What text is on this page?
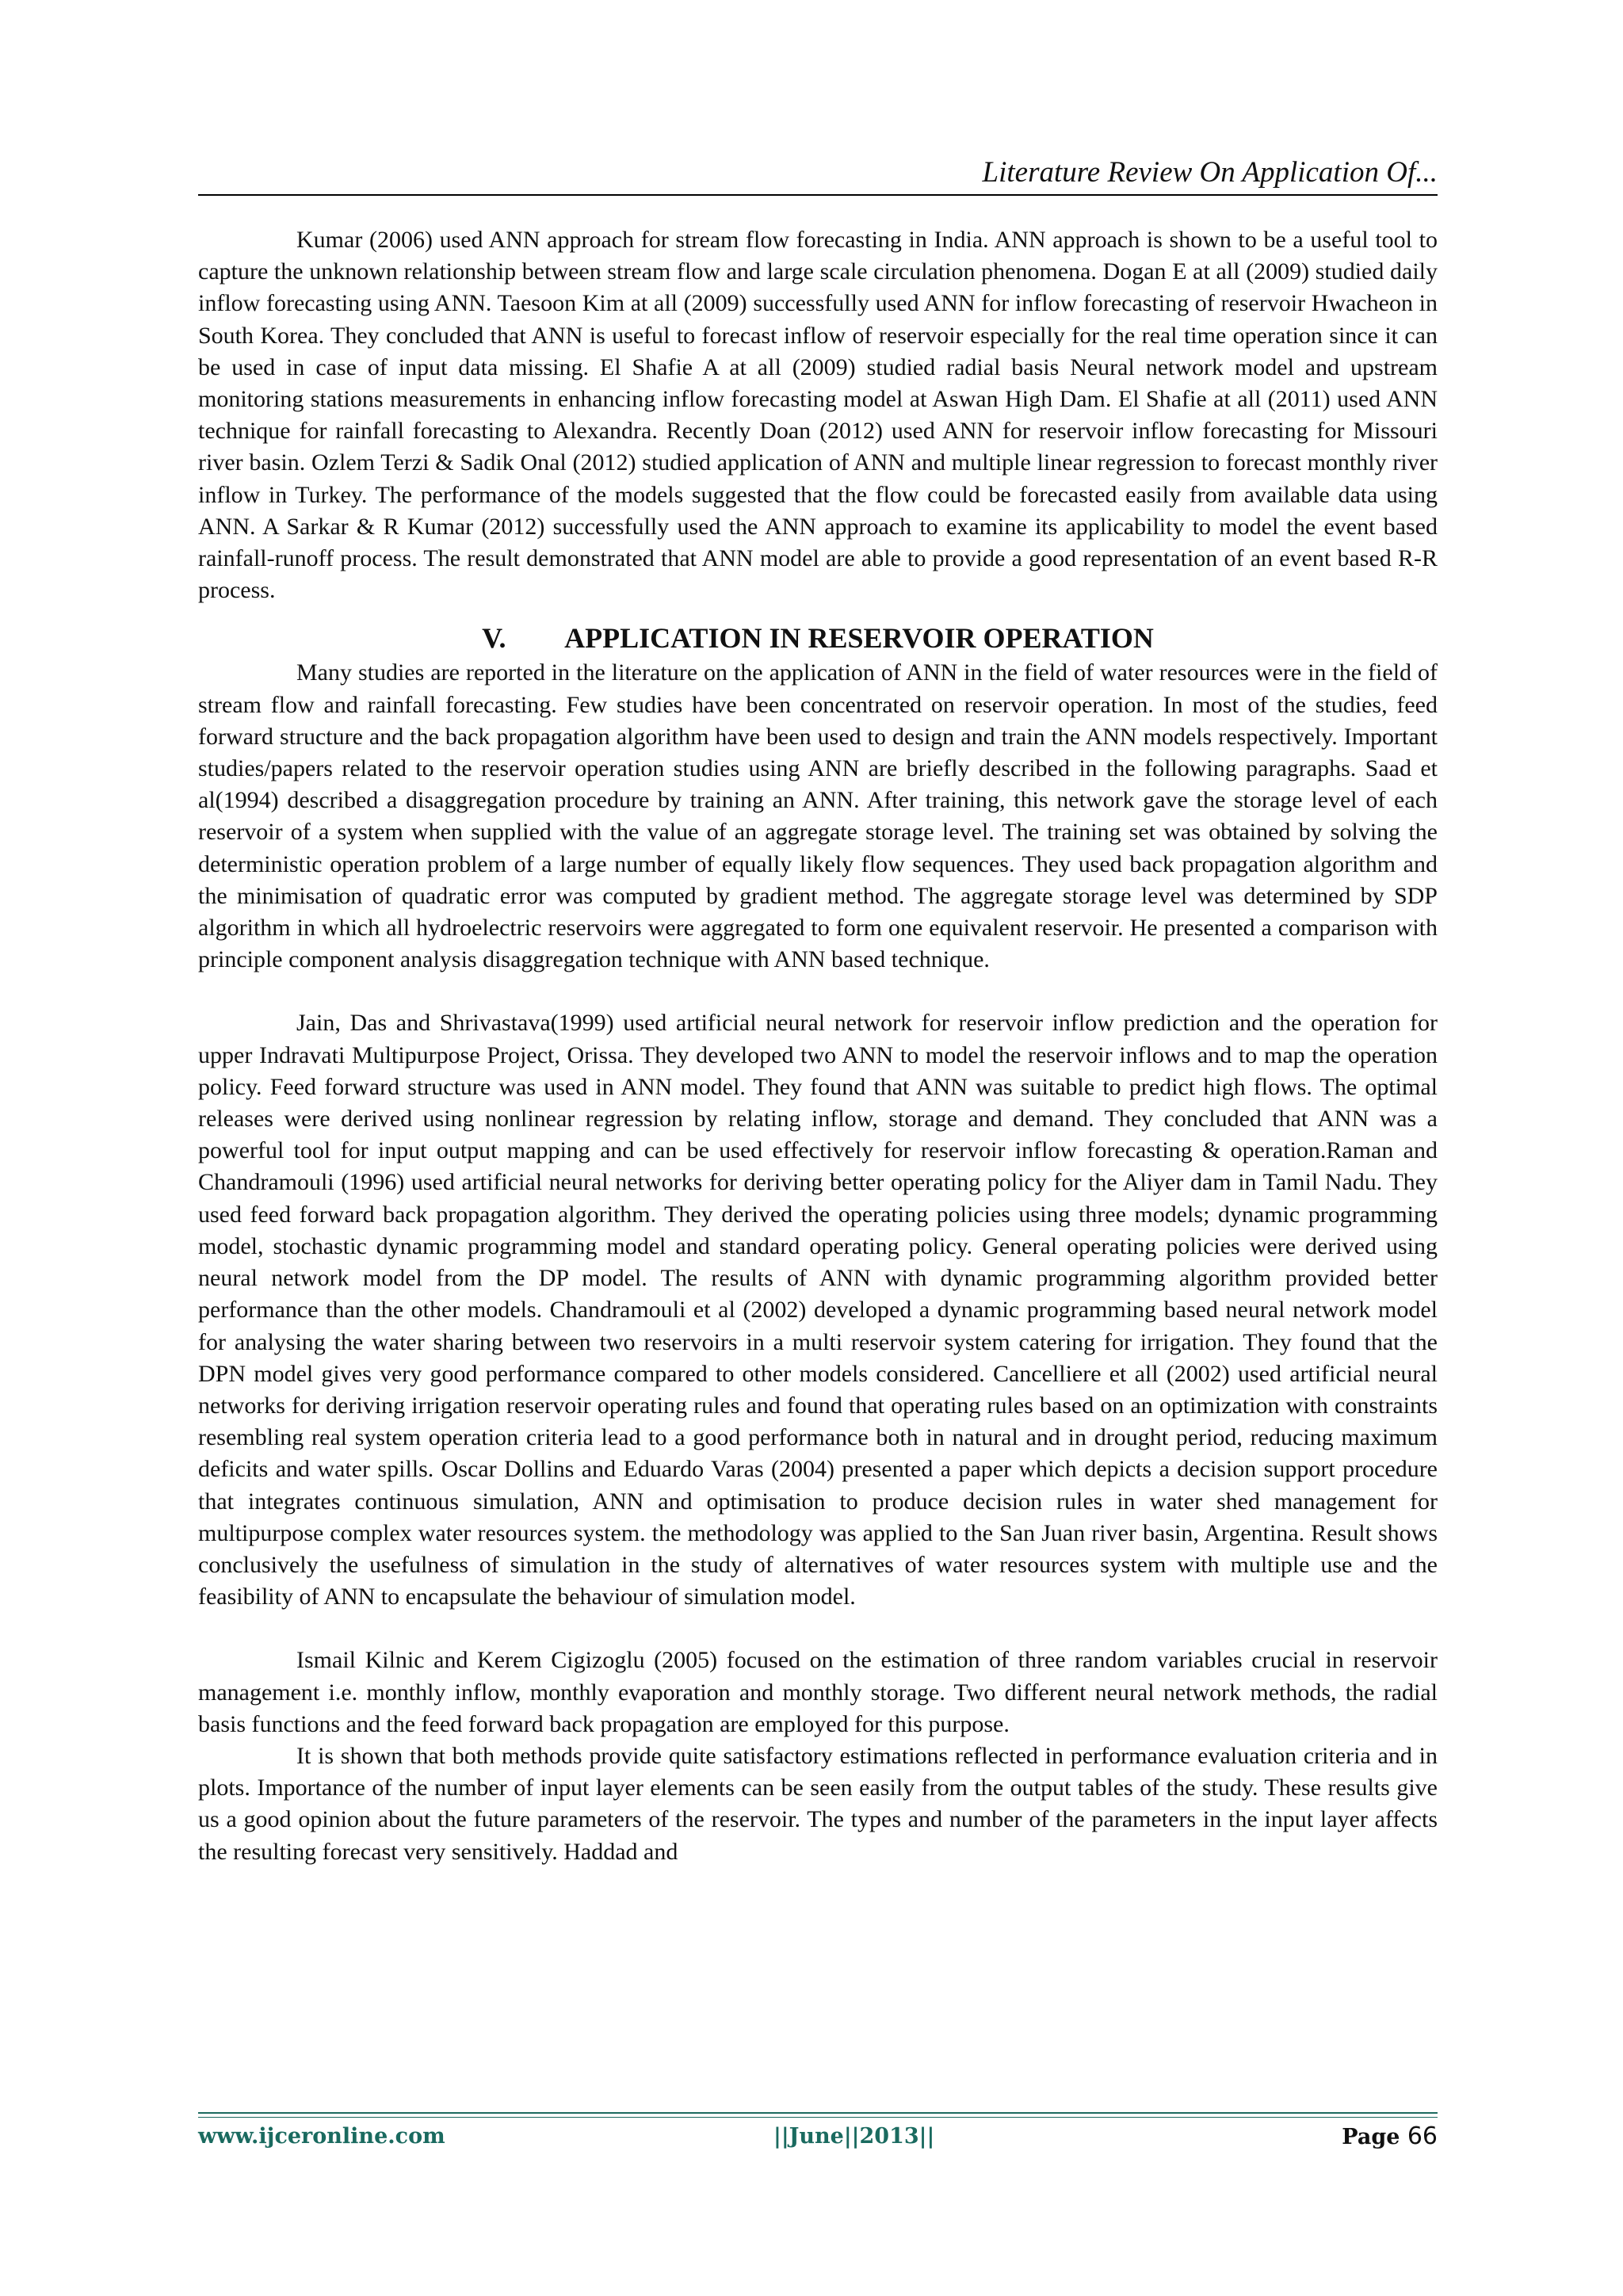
Literature Review On Application Of...

Kumar (2006) used ANN approach for stream flow forecasting in India. ANN approach is shown to be a useful tool to capture the unknown relationship between stream flow and large scale circulation phenomena. Dogan E at all (2009) studied daily inflow forecasting using ANN. Taesoon Kim at all (2009) successfully used ANN for inflow forecasting of reservoir Hwacheon in South Korea. They concluded that ANN is useful to forecast inflow of reservoir especially for the real time operation since it can be used in case of input data missing. El Shafie A at all (2009) studied radial basis Neural network model and upstream monitoring stations measurements in enhancing inflow forecasting model at Aswan High Dam. El Shafie at all (2011) used ANN technique for rainfall forecasting to Alexandra. Recently Doan (2012) used ANN for reservoir inflow forecasting for Missouri river basin. Ozlem Terzi & Sadik Onal (2012) studied application of ANN and multiple linear regression to forecast monthly river inflow in Turkey. The performance of the models suggested that the flow could be forecasted easily from available data using ANN. A Sarkar & R Kumar (2012) successfully used the ANN approach to examine its applicability to model the event based rainfall-runoff process. The result demonstrated that ANN model are able to provide a good representation of an event based R-R process.

V. APPLICATION IN RESERVOIR OPERATION

Many studies are reported in the literature on the application of ANN in the field of water resources were in the field of stream flow and rainfall forecasting. Few studies have been concentrated on reservoir operation. In most of the studies, feed forward structure and the back propagation algorithm have been used to design and train the ANN models respectively. Important studies/papers related to the reservoir operation studies using ANN are briefly described in the following paragraphs. Saad et al(1994) described a disaggregation procedure by training an ANN. After training, this network gave the storage level of each reservoir of a system when supplied with the value of an aggregate storage level. The training set was obtained by solving the deterministic operation problem of a large number of equally likely flow sequences. They used back propagation algorithm and the minimisation of quadratic error was computed by gradient method. The aggregate storage level was determined by SDP algorithm in which all hydroelectric reservoirs were aggregated to form one equivalent reservoir. He presented a comparison with principle component analysis disaggregation technique with ANN based technique.

Jain, Das and Shrivastava(1999) used artificial neural network for reservoir inflow prediction and the operation for upper Indravati Multipurpose Project, Orissa. They developed two ANN to model the reservoir inflows and to map the operation policy. Feed forward structure was used in ANN model. They found that ANN was suitable to predict high flows. The optimal releases were derived using nonlinear regression by relating inflow, storage and demand. They concluded that ANN was a powerful tool for input output mapping and can be used effectively for reservoir inflow forecasting & operation.Raman and Chandramouli (1996) used artificial neural networks for deriving better operating policy for the Aliyer dam in Tamil Nadu. They used feed forward back propagation algorithm. They derived the operating policies using three models; dynamic programming model, stochastic dynamic programming model and standard operating policy. General operating policies were derived using neural network model from the DP model. The results of ANN with dynamic programming algorithm provided better performance than the other models. Chandramouli et al (2002) developed a dynamic programming based neural network model for analysing the water sharing between two reservoirs in a multi reservoir system catering for irrigation. They found that the DPN model gives very good performance compared to other models considered. Cancelliere et all (2002) used artificial neural networks for deriving irrigation reservoir operating rules and found that operating rules based on an optimization with constraints resembling real system operation criteria lead to a good performance both in natural and in drought period, reducing maximum deficits and water spills. Oscar Dollins and Eduardo Varas (2004) presented a paper which depicts a decision support procedure that integrates continuous simulation, ANN and optimisation to produce decision rules in water shed management for multipurpose complex water resources system. the methodology was applied to the San Juan river basin, Argentina. Result shows conclusively the usefulness of simulation in the study of alternatives of water resources system with multiple use and the feasibility of ANN to encapsulate the behaviour of simulation model.

Ismail Kilnic and Kerem Cigizoglu (2005) focused on the estimation of three random variables crucial in reservoir management i.e. monthly inflow, monthly evaporation and monthly storage. Two different neural network methods, the radial basis functions and the feed forward back propagation are employed for this purpose.

It is shown that both methods provide quite satisfactory estimations reflected in performance evaluation criteria and in plots. Importance of the number of input layer elements can be seen easily from the output tables of the study. These results give us a good opinion about the future parameters of the reservoir. The types and number of the parameters in the input layer affects the resulting forecast very sensitively. Haddad and

www.ijceronline.com	||June||2013||	Page 66
